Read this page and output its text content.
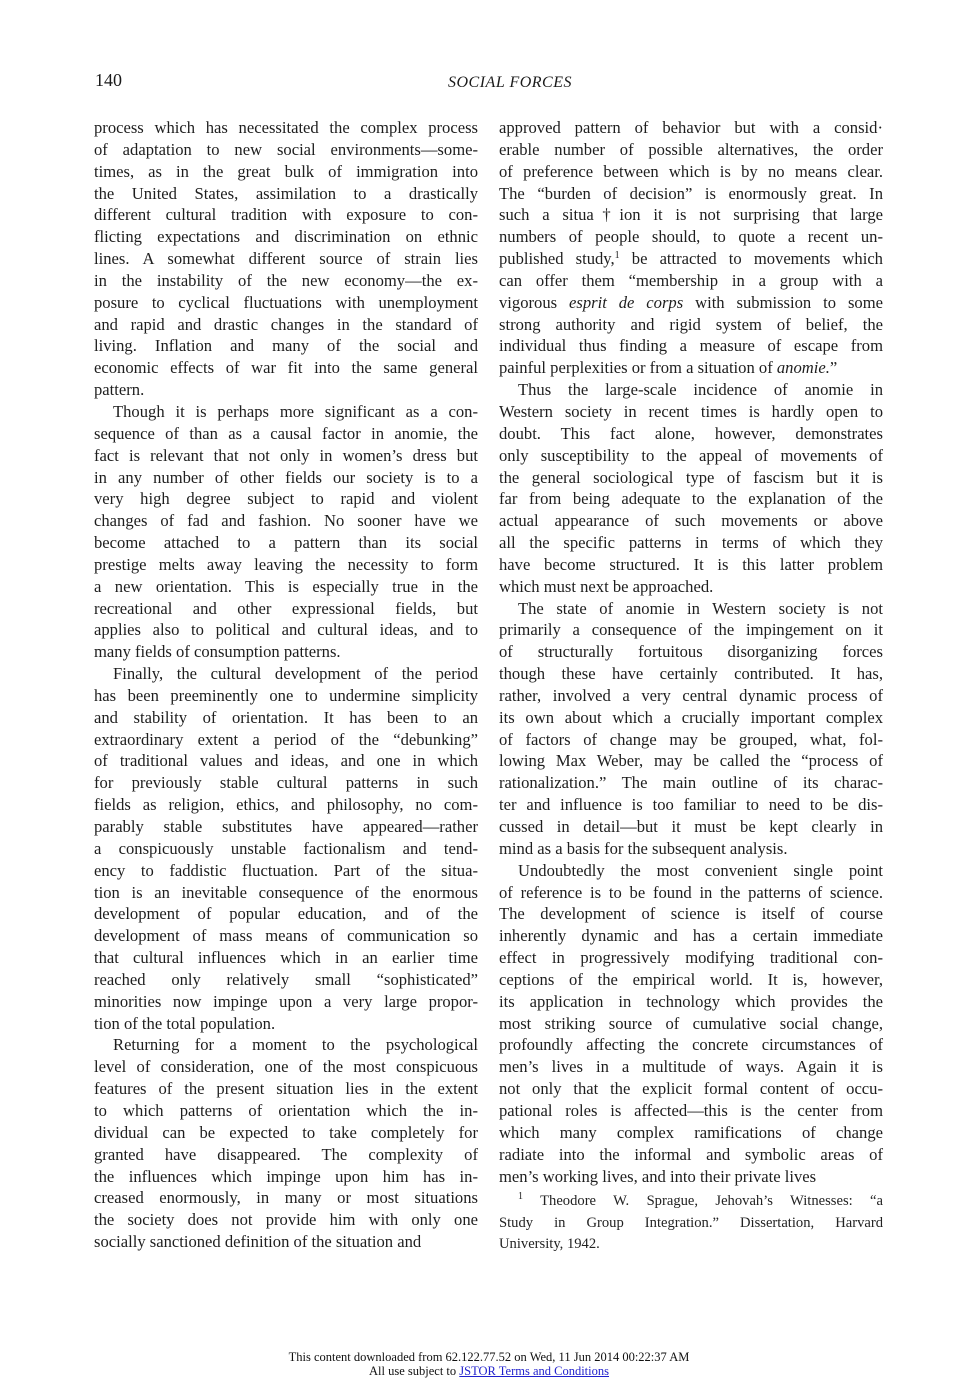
140	SOCIAL FORCES
process which has necessitated the complex process
of adaptation to new social environments—some-
times, as in the great bulk of immigration into
the United States, assimilation to a drastically
different cultural tradition with exposure to con-
flicting expectations and discrimination on ethnic
lines. A somewhat different source of strain lies
in the instability of the new economy—the ex-
posure to cyclical fluctuations with unemployment
and rapid and drastic changes in the standard of
living. Inflation and many of the social and
economic effects of war fit into the same general
pattern.
Though it is perhaps more significant as a con-
sequence of than as a causal factor in anomie, the
fact is relevant that not only in women’s dress but
in any number of other fields our society is to a
very high degree subject to rapid and violent
changes of fad and fashion. No sooner have we
become attached to a pattern than its social
prestige melts away leaving the necessity to form
a new orientation. This is especially true in the
recreational and other expressional fields, but
applies also to political and cultural ideas, and to
many fields of consumption patterns.
Finally, the cultural development of the period
has been preeminently one to undermine simplicity
and stability of orientation. It has been to an
extraordinary extent a period of the “debunking”
of traditional values and ideas, and one in which
for previously stable cultural patterns in such
fields as religion, ethics, and philosophy, no com-
parably stable substitutes have appeared—rather
a conspicuously unstable factionalism and tend-
ency to faddistic fluctuation. Part of the situa-
tion is an inevitable consequence of the enormous
development of popular education, and of the
development of mass means of communication so
that cultural influences which in an earlier time
reached only relatively small “sophisticated”
minorities now impinge upon a very large propor-
tion of the total population.
Returning for a moment to the psychological
level of consideration, one of the most conspicuous
features of the present situation lies in the extent
to which patterns of orientation which the in-
dividual can be expected to take completely for
granted have disappeared. The complexity of
the influences which impinge upon him has in-
creased enormously, in many or most situations
the society does not provide him with only one
socially sanctioned definition of the situation and
approved pattern of behavior but with a consid·
erable number of possible alternatives, the order
of preference between which is by no means clear.
The “burden of decision” is enormously great. In
such a situa†ion it is not surprising that large
numbers of people should, to quote a recent un-
published study,$^1$ be attracted to movements which
can offer them “membership in a group with a
vigorous esprit de corps with submission to some
strong authority and rigid system of belief, the
individual thus finding a measure of escape from
painful perplexities or from a situation of anomie.”
Thus the large-scale incidence of anomie in
Western society in recent times is hardly open to
doubt. This fact alone, however, demonstrates
only susceptibility to the appeal of movements of
the general sociological type of fascism but it is
far from being adequate to the explanation of the
actual appearance of such movements or above
all the specific patterns in terms of which they
have become structured. It is this latter problem
which must next be approached.
The state of anomie in Western society is not
primarily a consequence of the impingement on it
of structurally fortuitous disorganizing forces
though these have certainly contributed. It has,
rather, involved a very central dynamic process of
its own about which a crucially important complex
of factors of change may be grouped, what, fol-
lowing Max Weber, may be called the “process of
rationalization.” The main outline of its charac-
ter and influence is too familiar to need to be dis-
cussed in detail—but it must be kept clearly in
mind as a basis for the subsequent analysis.
Undoubtedly the most convenient single point
of reference is to be found in the patterns of science.
The development of science is itself of course
inherently dynamic and has a certain immediate
effect in progressively modifying traditional con-
ceptions of the empirical world. It is, however,
its application in technology which provides the
most striking source of cumulative social change,
profoundly affecting the concrete circumstances of
men’s lives in a multitude of ways. Again it is
not only that the explicit formal content of occu-
pational roles is affected—this is the center from
which many complex ramifications of change
radiate into the informal and symbolic areas of
men’s working lives, and into their private lives
$^1$ Theodore W. Sprague, Jehovah’s Witnesses: “a
Study in Group Integration.” Dissertation, Harvard
University, 1942.
This content downloaded from 62.122.77.52 on Wed, 11 Jun 2014 00:22:37 AM
All use subject to JSTOR Terms and Conditions
